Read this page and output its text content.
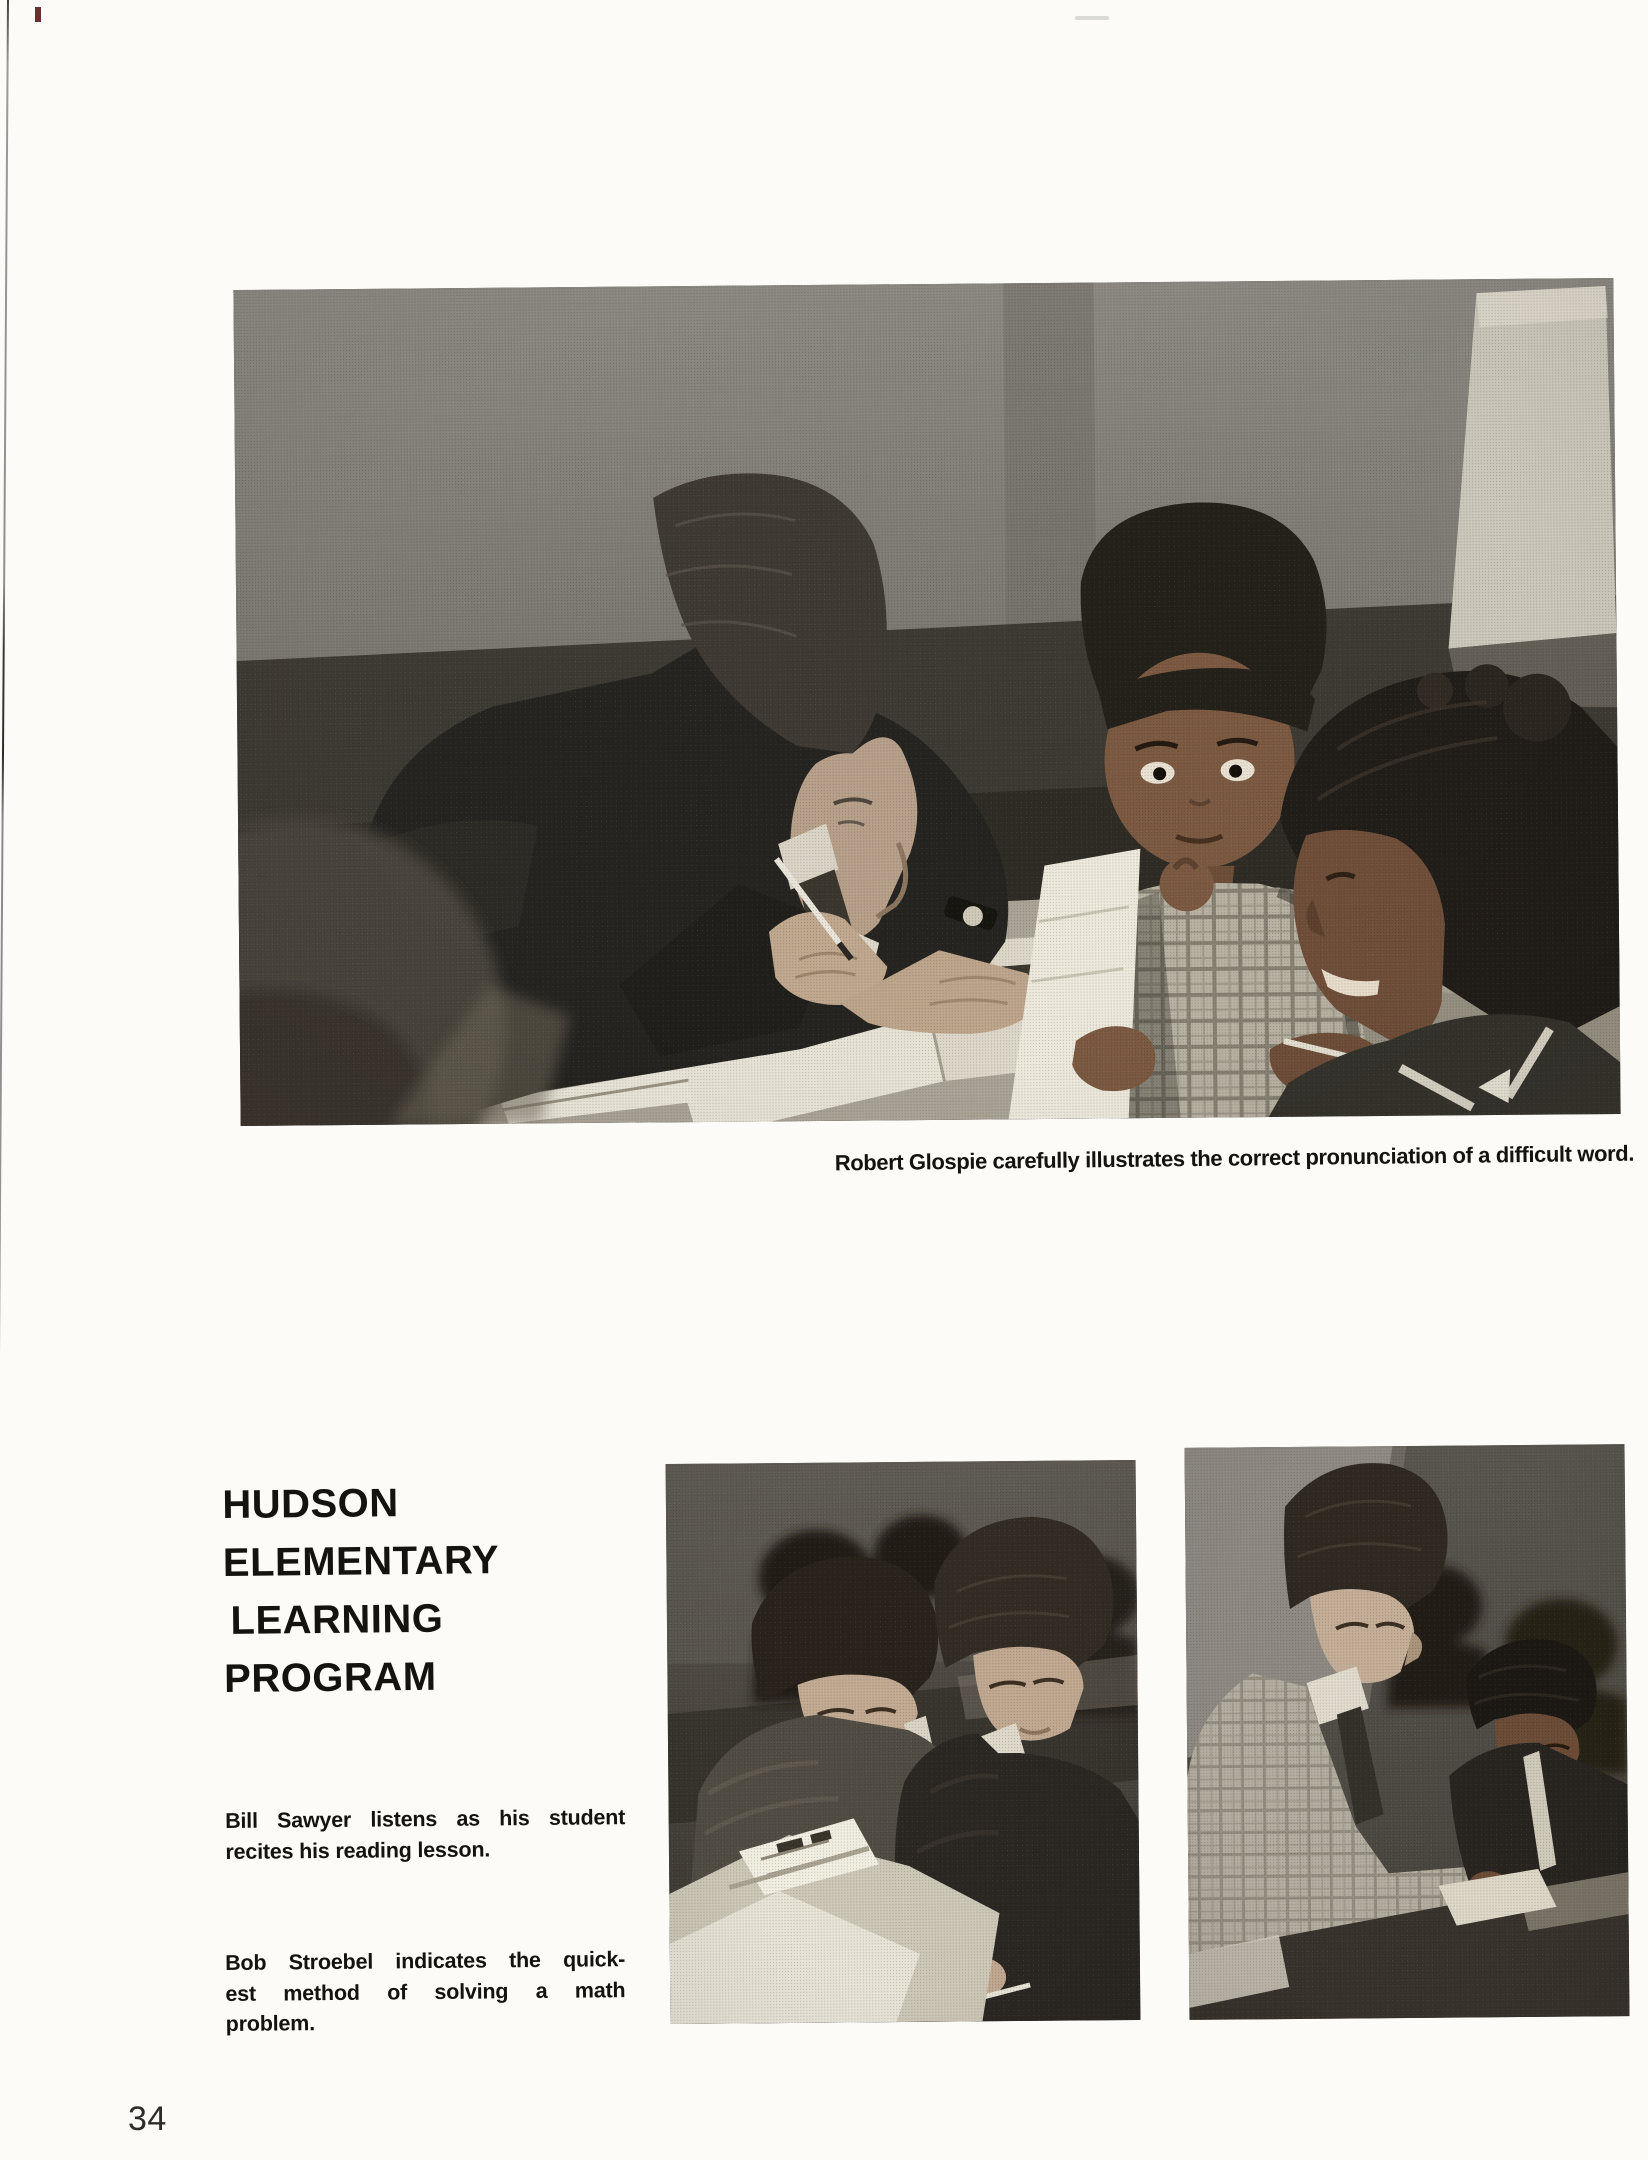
Robert Glospie carefully illustrates the correct pronunciation of a difficult word.
HUDSON
ELEMENTARY
LEARNING
PROGRAM
Bill Sawyer listens as his student
recites his reading lesson.
Bob Stroebel indicates the quick-
est method of solving a math
problem.
34
